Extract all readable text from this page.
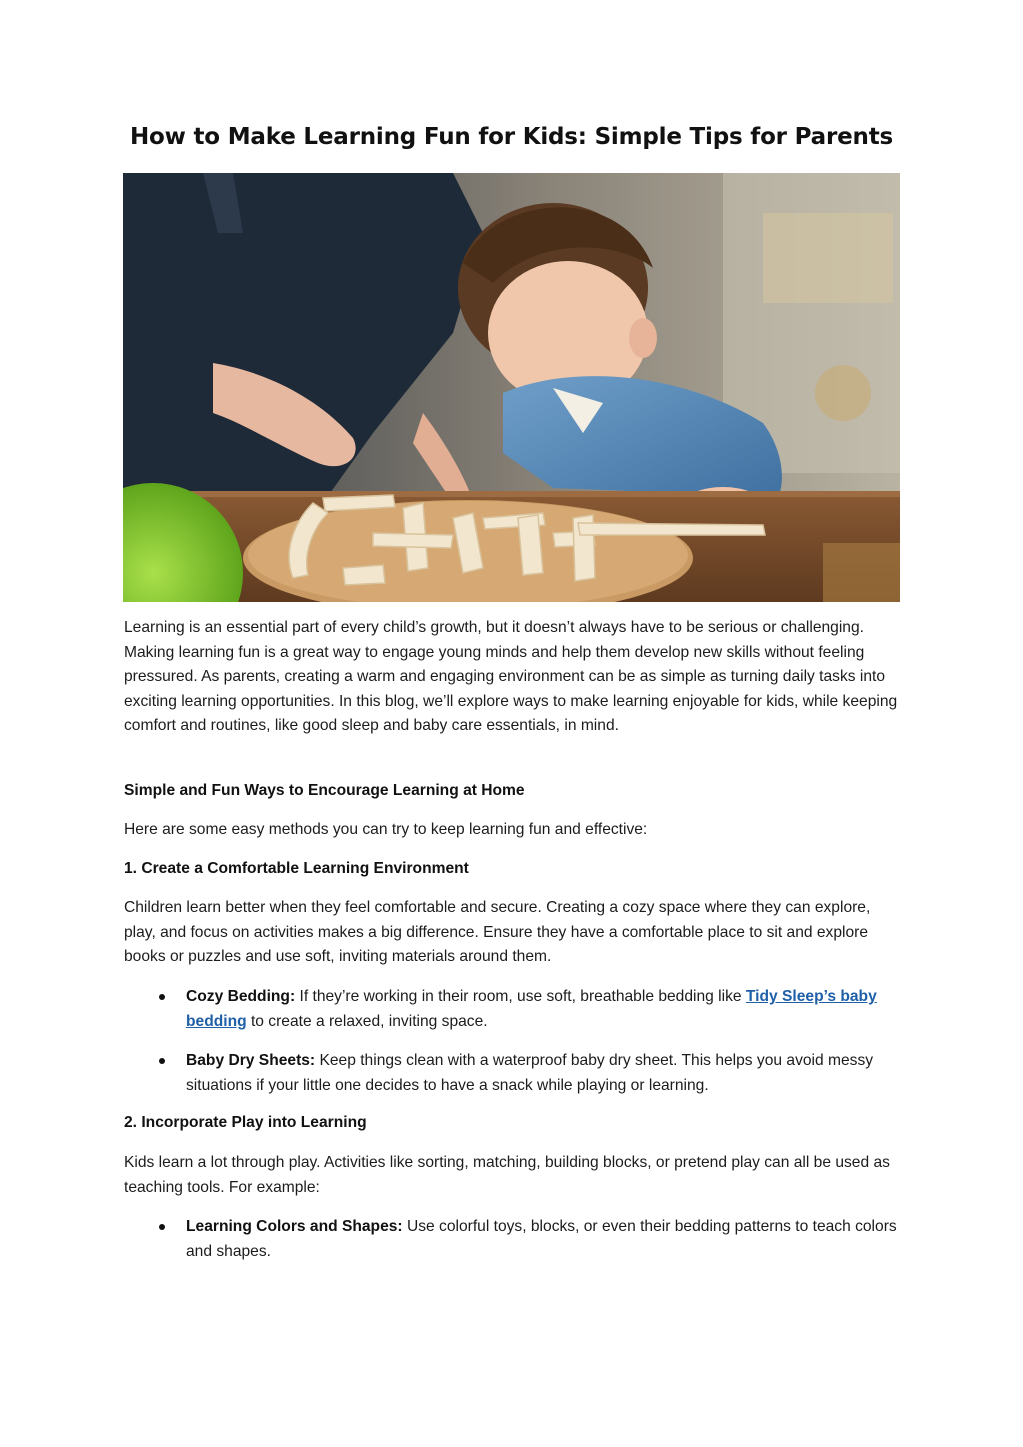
How to Make Learning Fun for Kids: Simple Tips for Parents

Learning is an essential part of every child’s growth, but it doesn’t always have to be serious or challenging. Making learning fun is a great way to engage young minds and help them develop new skills without feeling pressured. As parents, creating a warm and engaging environment can be as simple as turning daily tasks into exciting learning opportunities. In this blog, we’ll explore ways to make learning enjoyable for kids, while keeping comfort and routines, like good sleep and baby care essentials, in mind.

Simple and Fun Ways to Encourage Learning at Home

Here are some easy methods you can try to keep learning fun and effective:

1. Create a Comfortable Learning Environment

Children learn better when they feel comfortable and secure. Creating a cozy space where they can explore, play, and focus on activities makes a big difference. Ensure they have a comfortable place to sit and explore books or puzzles and use soft, inviting materials around them.

Cozy Bedding: If they’re working in their room, use soft, breathable bedding like Tidy Sleep’s baby bedding to create a relaxed, inviting space.
Baby Dry Sheets: Keep things clean with a waterproof baby dry sheet. This helps you avoid messy situations if your little one decides to have a snack while playing or learning.
2. Incorporate Play into Learning

Kids learn a lot through play. Activities like sorting, matching, building blocks, or pretend play can all be used as teaching tools. For example:

Learning Colors and Shapes: Use colorful toys, blocks, or even their bedding patterns to teach colors and shapes.
